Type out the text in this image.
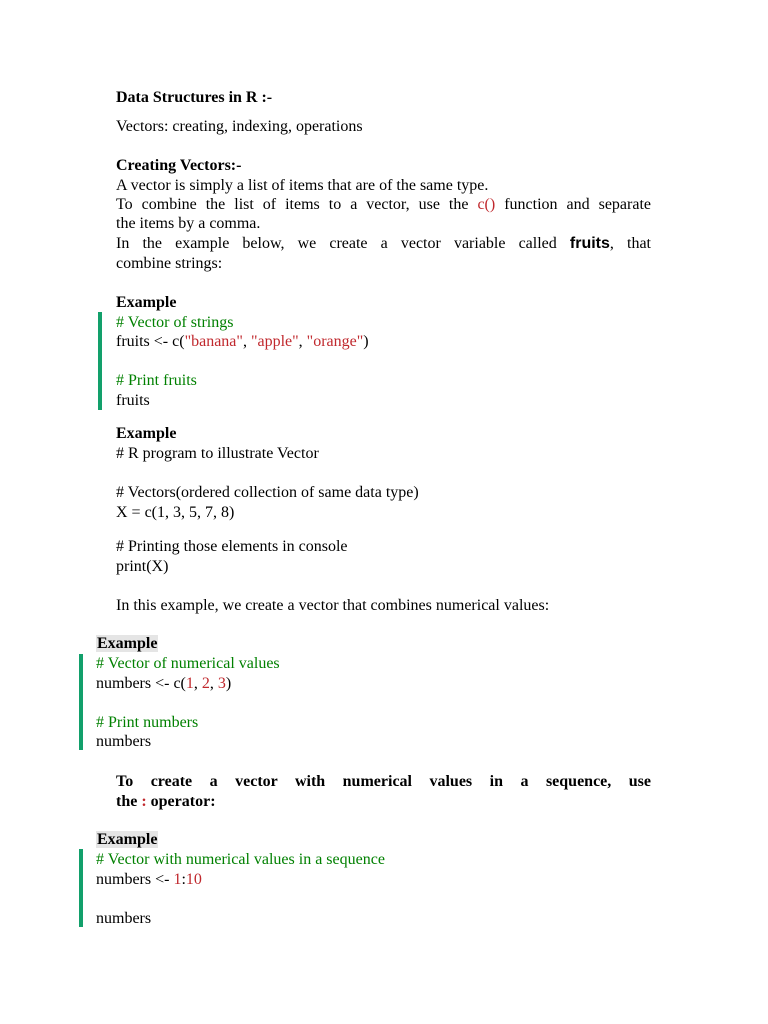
Data Structures in R :-
Vectors: creating, indexing, operations
Creating Vectors:-
A vector is simply a list of items that are of the same type.
To combine the list of items to a vector, use the c() function and separate
the items by a comma.
In the example below, we create a vector variable called fruits, that
combine strings:
Example
# Vector of strings
fruits <- c("banana", "apple", "orange")
# Print fruits
fruits
Example
# R program to illustrate Vector
# Vectors(ordered collection of same data type)
X = c(1, 3, 5, 7, 8)
# Printing those elements in console
print(X)
In this example, we create a vector that combines numerical values:
Example
# Vector of numerical values
numbers <- c(1, 2, 3)
# Print numbers
numbers
To create a vector with numerical values in a sequence, use
the : operator:
Example
# Vector with numerical values in a sequence
numbers <- 1:10
numbers
